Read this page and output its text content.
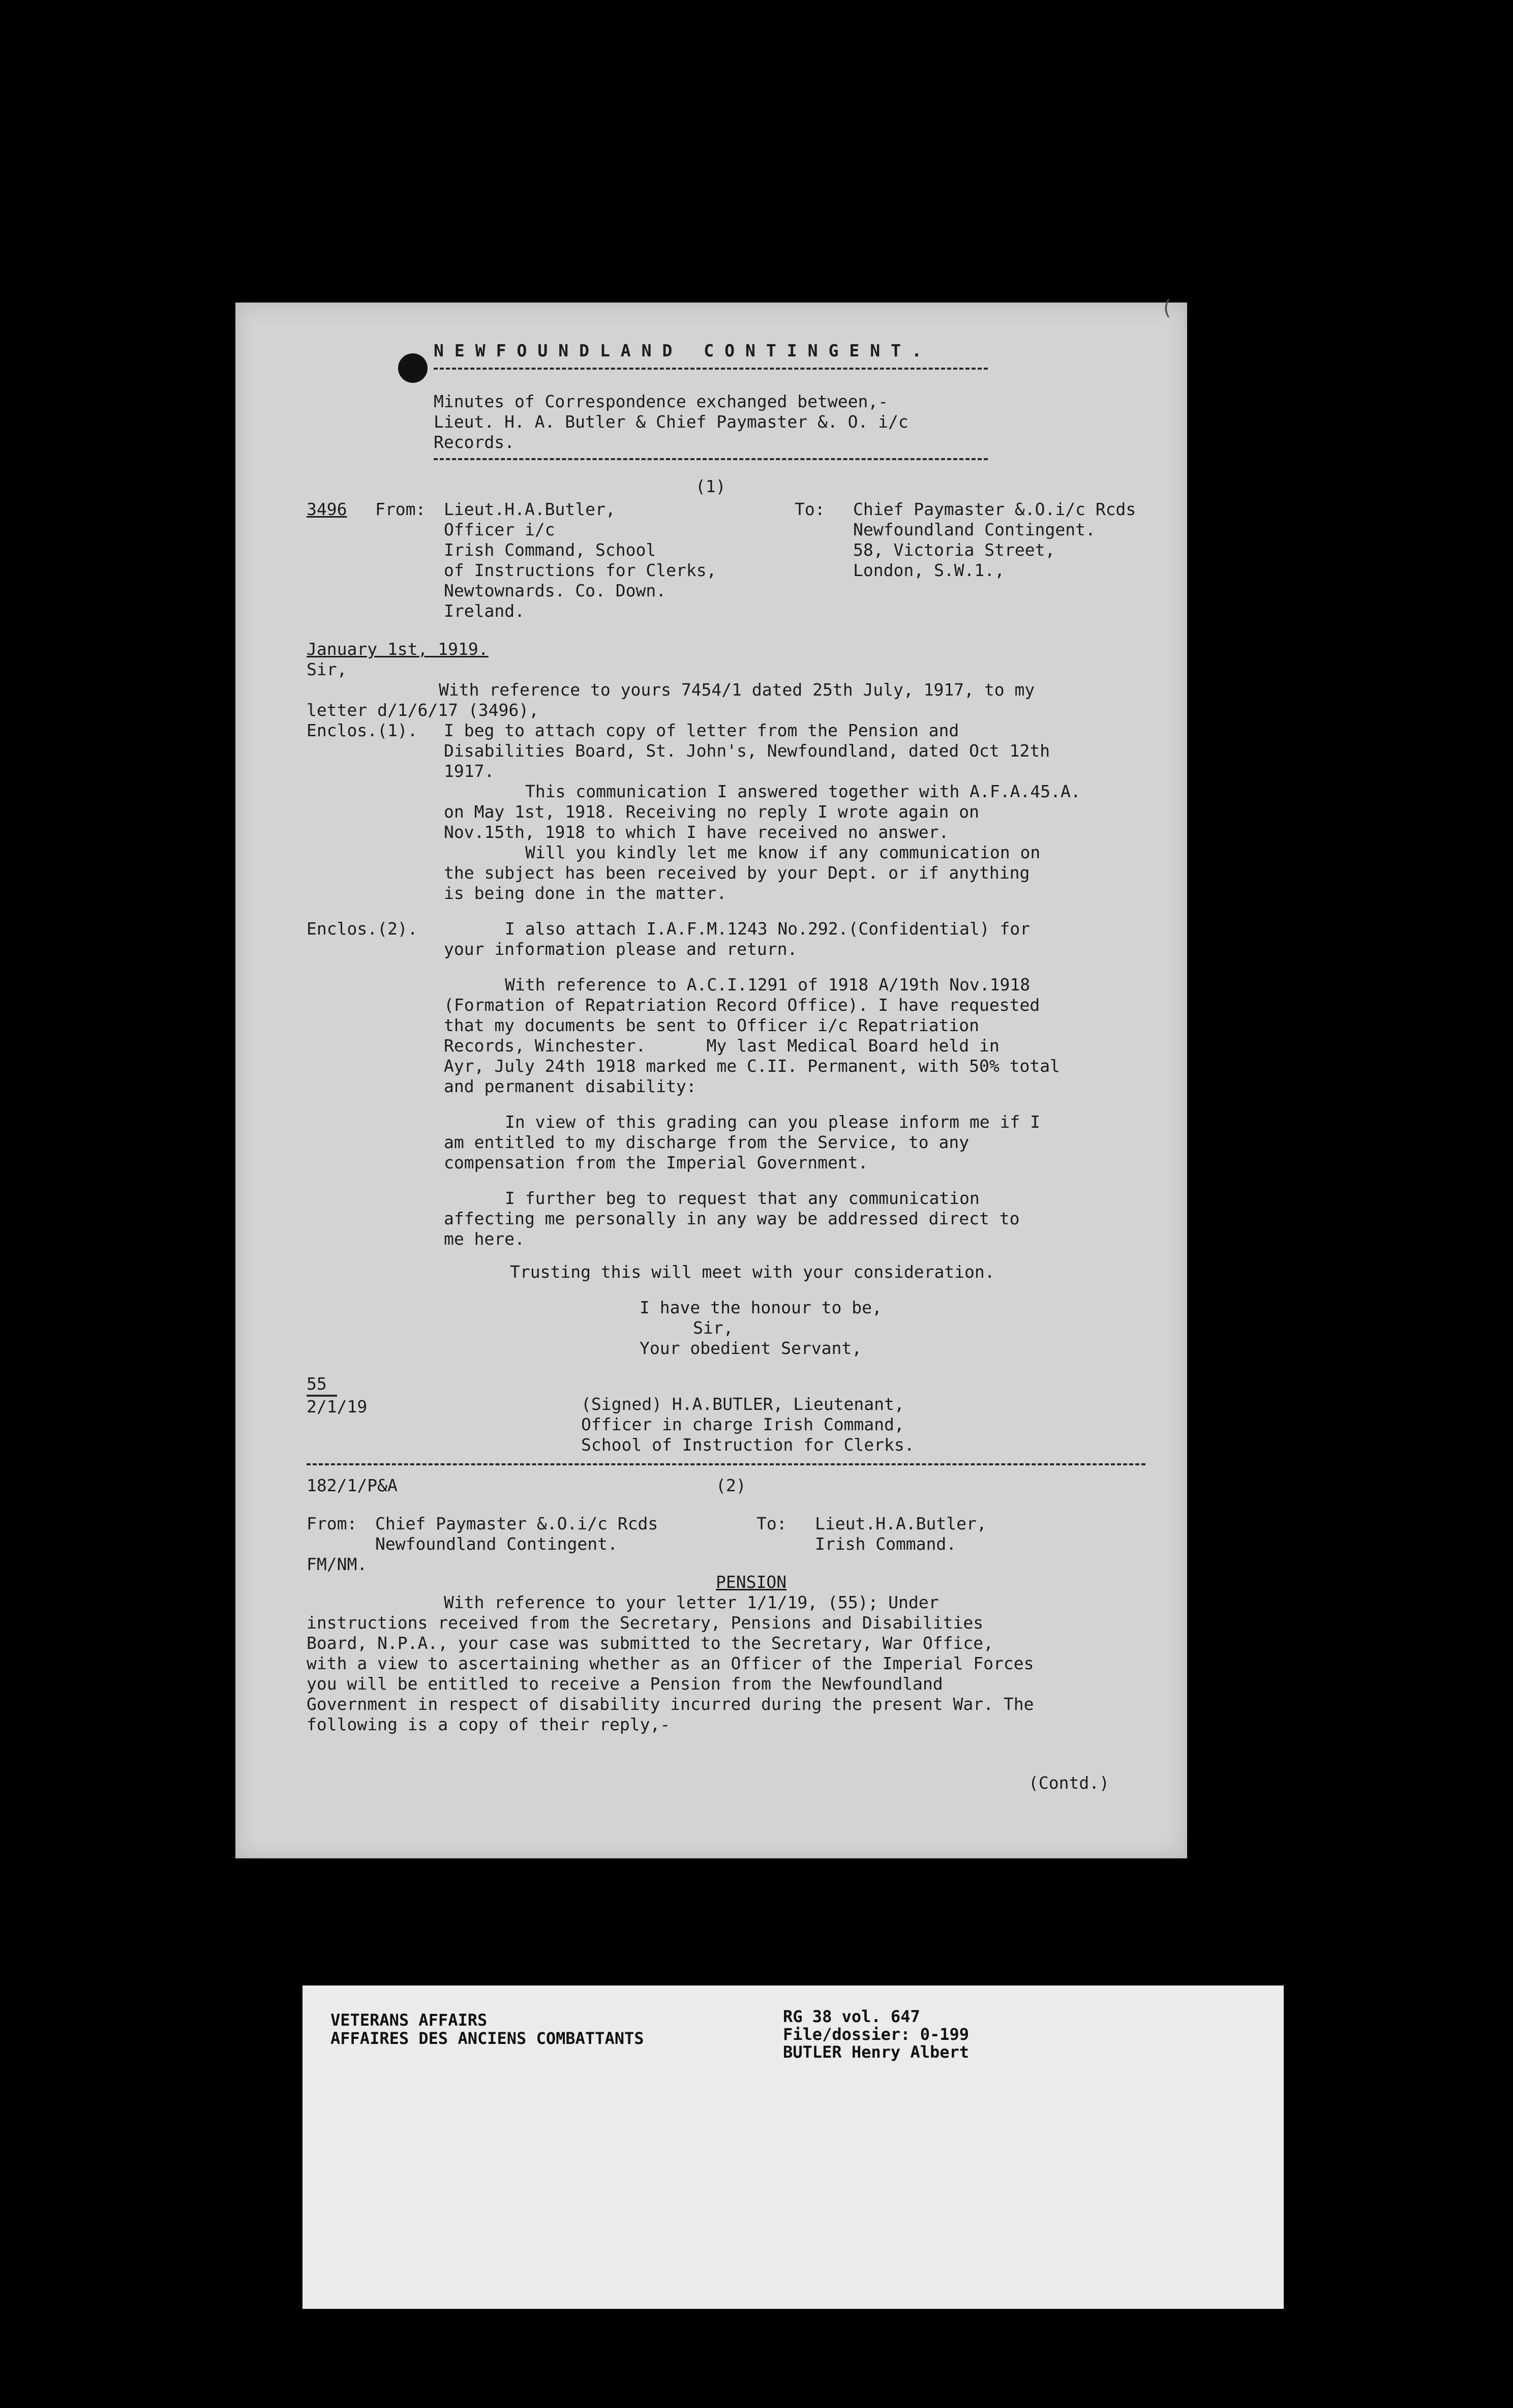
(
NEWFOUNDLAND CONTINGENT.
Minutes of Correspondence exchanged between,-
Lieut. H. A. Butler & Chief Paymaster &. O. i/c
Records.
(1)
3496 From: Lieut.H.A.Butler,
Officer i/c
Irish Command, School
of Instructions for Clerks,
Newtownards. Co. Down.
Ireland.
To: Chief Paymaster &.O.i/c Rcds
Newfoundland Contingent.
58, Victoria Street,
London, S.W.1.,
January 1st, 1919.
Sir,
With reference to yours 7454/1 dated 25th July, 1917, to my
letter d/1/6/17 (3496),
Enclos.(1). I beg to attach copy of letter from the Pension and
Disabilities Board, St. John's, Newfoundland, dated Oct 12th
1917.
This communication I answered together with A.F.A.45.A.
on May 1st, 1918. Receiving no reply I wrote again on
Nov.15th, 1918 to which I have received no answer.
Will you kindly let me know if any communication on
the subject has been received by your Dept. or if anything
is being done in the matter.
Enclos.(2).	I also attach I.A.F.M.1243 No.292.(Confidential) for
your information please and return.
With reference to A.C.I.1291 of 1918 A/19th Nov.1918
(Formation of Repatriation Record Office). I have requested
that my documents be sent to Officer i/c Repatriation
Records, Winchester.      My last Medical Board held in
Ayr, July 24th 1918 marked me C.II. Permanent, with 50% total
and permanent disability:
In view of this grading can you please inform me if I
am entitled to my discharge from the Service, to any
compensation from the Imperial Government.
I further beg to request that any communication
affecting me personally in any way be addressed direct to
me here.
Trusting this will meet with your consideration.
I have the honour to be,
Sir,
Your obedient Servant,
55
2/1/19	(Signed) H.A.BUTLER, Lieutenant,
Officer in charge Irish Command,
School of Instruction for Clerks.
182/1/P&A	(2)
From: Chief Paymaster &.O.i/c Rcds
Newfoundland Contingent.
To: Lieut.H.A.Butler,
Irish Command.
FM/NM.
PENSION
With reference to your letter 1/1/19, (55); Under
instructions received from the Secretary, Pensions and Disabilities
Board, N.P.A., your case was submitted to the Secretary, War Office,
with a view to ascertaining whether as an Officer of the Imperial Forces
you will be entitled to receive a Pension from the Newfoundland
Government in respect of disability incurred during the present War. The
following is a copy of their reply,-
(Contd.)
VETERANS AFFAIRS
AFFAIRES DES ANCIENS COMBATTANTS
RG 38 vol. 647
File/dossier: 0-199
BUTLER Henry Albert
